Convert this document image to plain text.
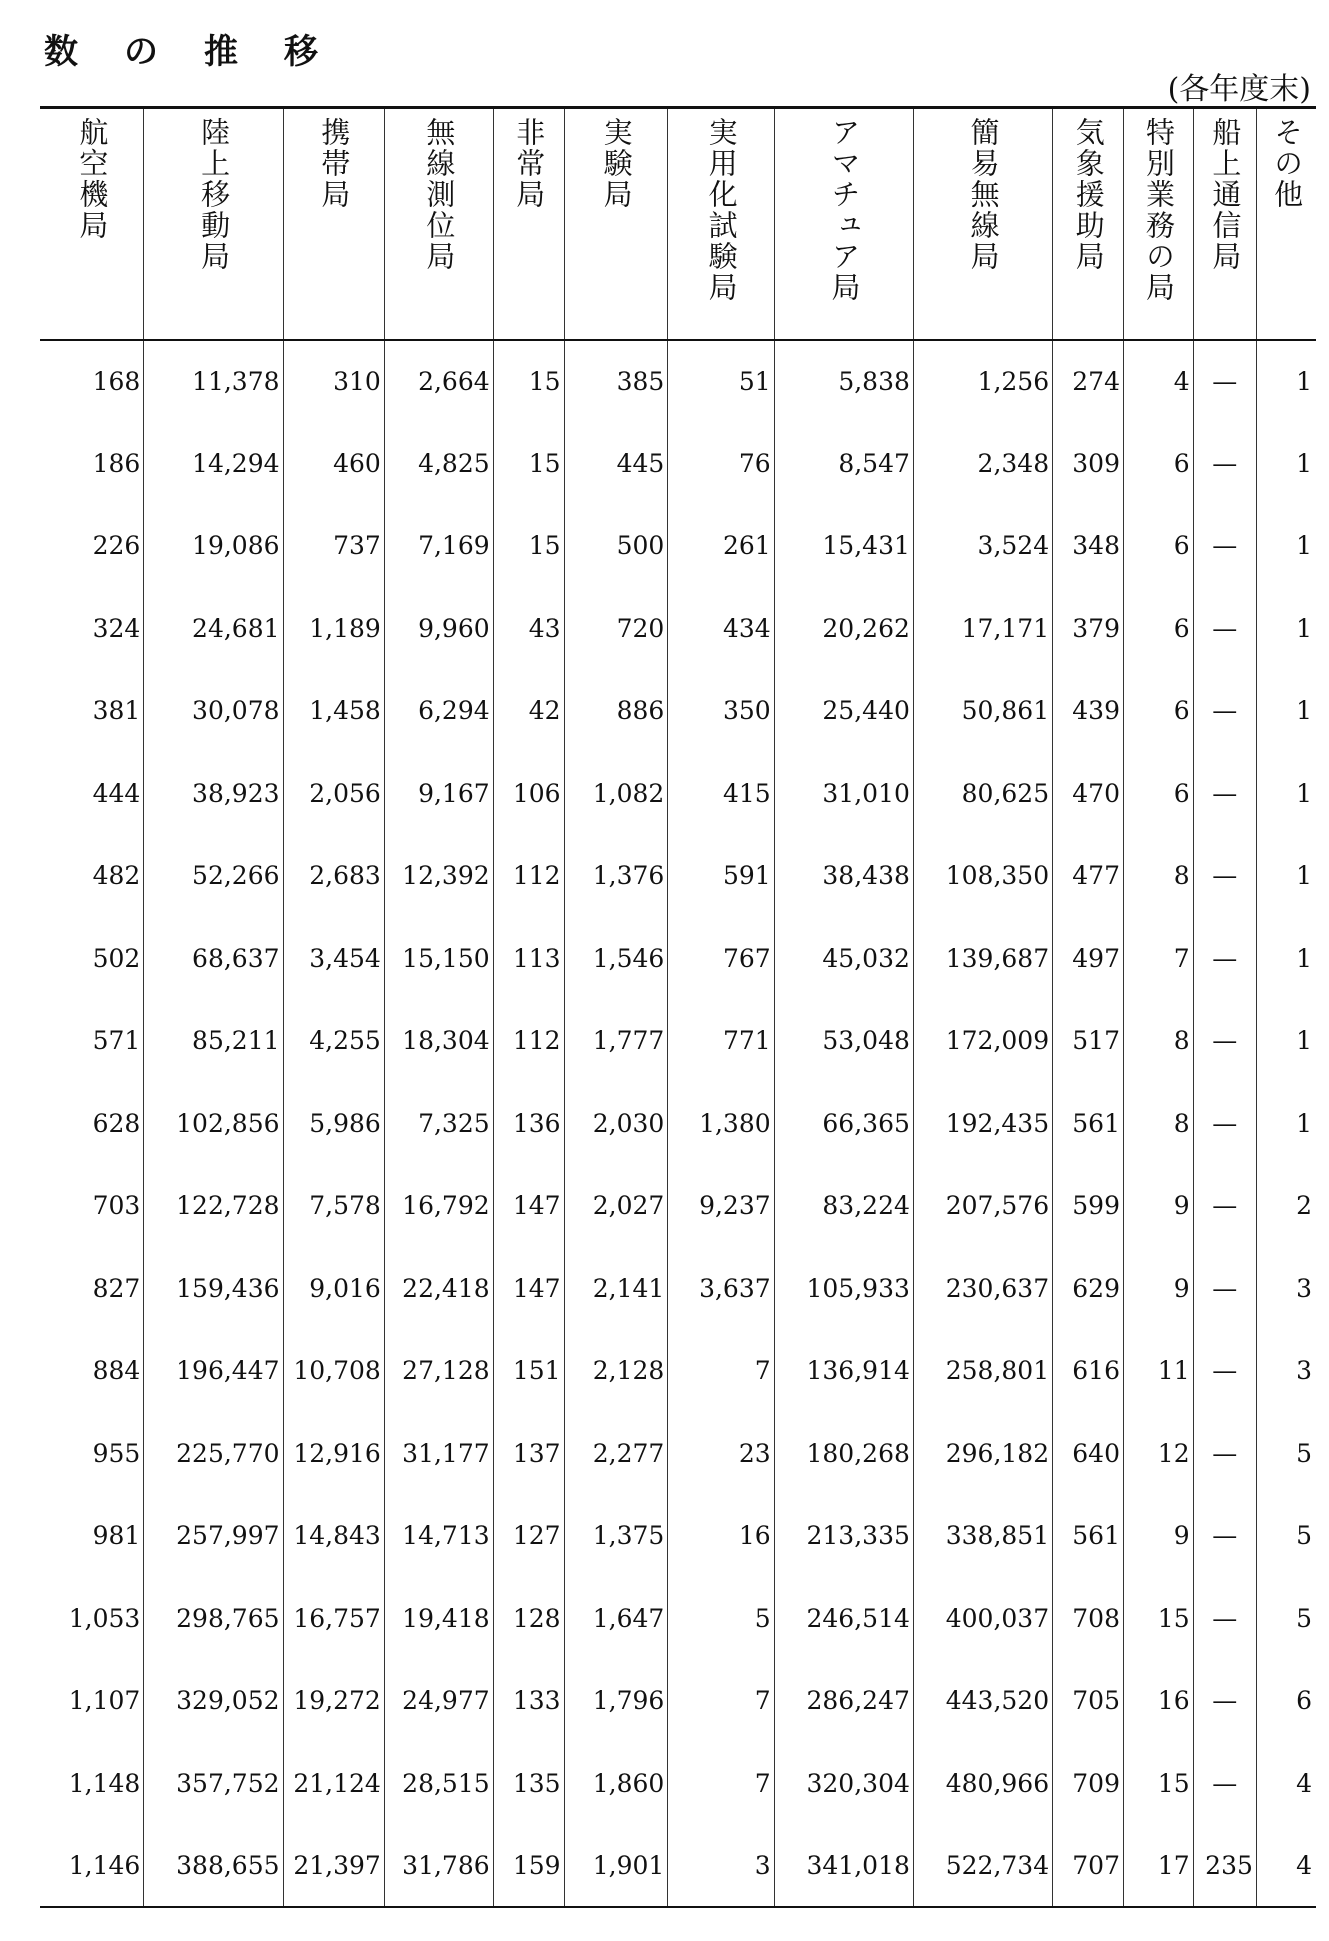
数の推移
(各年度末)
航空機局	陸上移動局	携帯局	無線測位局	非常局	実験局	実用化試験局	アマチュア局	簡易無線局	気象援助局	特別業務の局	船上通信局	その他
168	11,378	310	2,664	15	385	51	5,838	1,256	274	4	—	1
186	14,294	460	4,825	15	445	76	8,547	2,348	309	6	—	1
226	19,086	737	7,169	15	500	261	15,431	3,524	348	6	—	1
324	24,681	1,189	9,960	43	720	434	20,262	17,171	379	6	—	1
381	30,078	1,458	6,294	42	886	350	25,440	50,861	439	6	—	1
444	38,923	2,056	9,167	106	1,082	415	31,010	80,625	470	6	—	1
482	52,266	2,683	12,392	112	1,376	591	38,438	108,350	477	8	—	1
502	68,637	3,454	15,150	113	1,546	767	45,032	139,687	497	7	—	1
571	85,211	4,255	18,304	112	1,777	771	53,048	172,009	517	8	—	1
628	102,856	5,986	7,325	136	2,030	1,380	66,365	192,435	561	8	—	1
703	122,728	7,578	16,792	147	2,027	9,237	83,224	207,576	599	9	—	2
827	159,436	9,016	22,418	147	2,141	3,637	105,933	230,637	629	9	—	3
884	196,447	10,708	27,128	151	2,128	7	136,914	258,801	616	11	—	3
955	225,770	12,916	31,177	137	2,277	23	180,268	296,182	640	12	—	5
981	257,997	14,843	14,713	127	1,375	16	213,335	338,851	561	9	—	5
1,053	298,765	16,757	19,418	128	1,647	5	246,514	400,037	708	15	—	5
1,107	329,052	19,272	24,977	133	1,796	7	286,247	443,520	705	16	—	6
1,148	357,752	21,124	28,515	135	1,860	7	320,304	480,966	709	15	—	4
1,146	388,655	21,397	31,786	159	1,901	3	341,018	522,734	707	17	235	4
